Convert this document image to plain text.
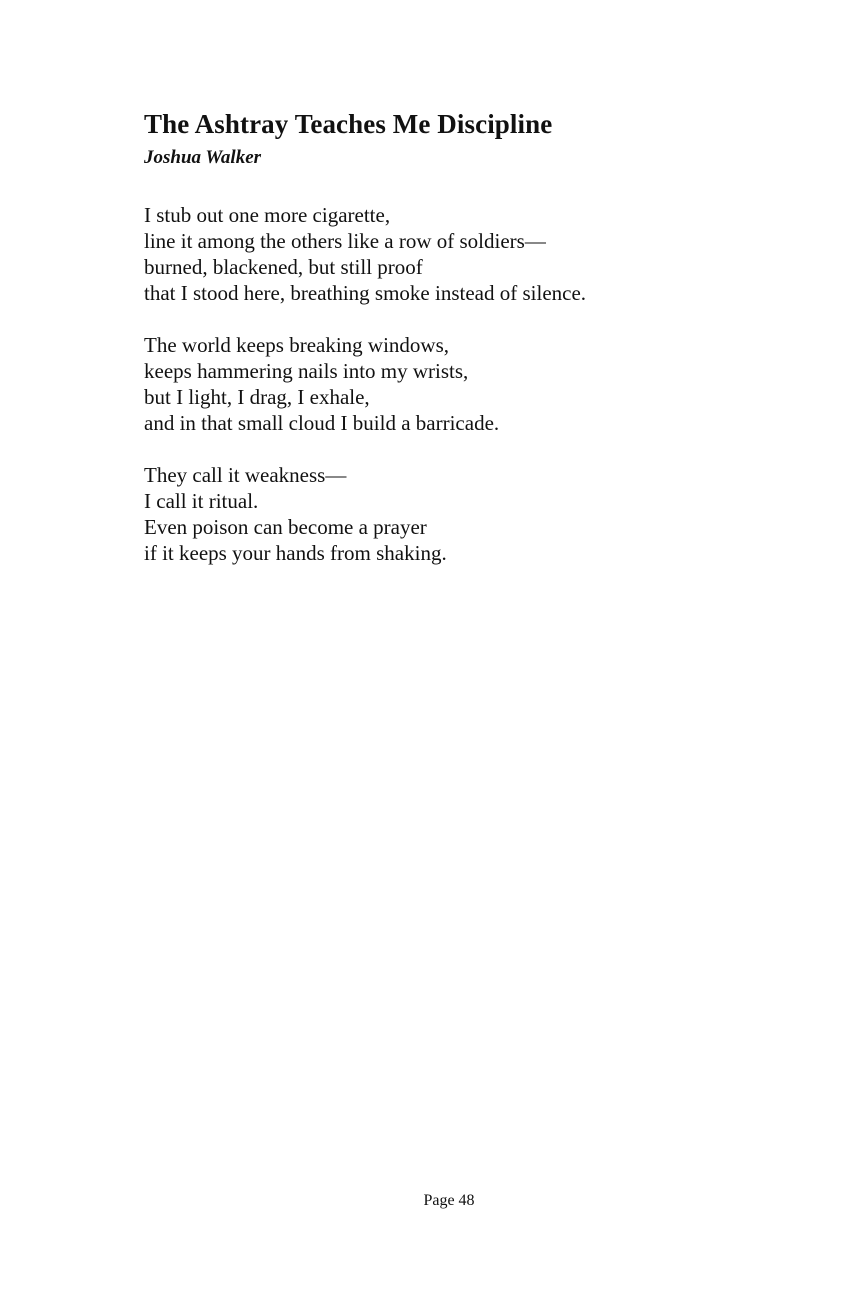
The Ashtray Teaches Me Discipline

Joshua Walker

I stub out one more cigarette,
line it among the others like a row of soldiers—
burned, blackened, but still proof
that I stood here, breathing smoke instead of silence.

The world keeps breaking windows,
keeps hammering nails into my wrists,
but I light, I drag, I exhale,
and in that small cloud I build a barricade.

They call it weakness—
I call it ritual.
Even poison can become a prayer
if it keeps your hands from shaking.

Page 48
